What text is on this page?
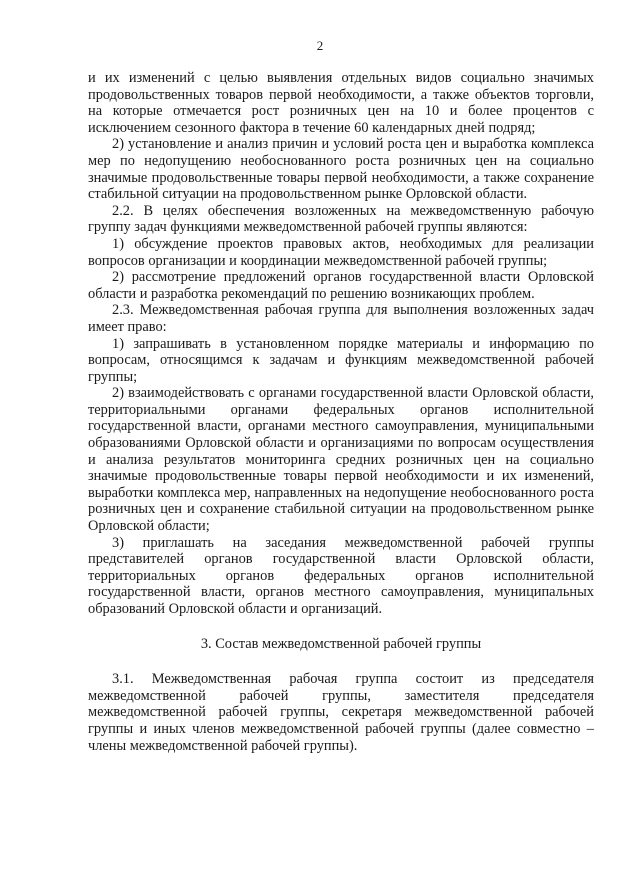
2

и их изменений с целью выявления отдельных видов социально значимых продовольственных товаров первой необходимости, а также объектов торговли, на которые отмечается рост розничных цен на 10 и более процентов с исключением сезонного фактора в течение 60 календарных дней подряд;

2) установление и анализ причин и условий роста цен и выработка комплекса мер по недопущению необоснованного роста розничных цен на социально значимые продовольственные товары первой необходимости, а также сохранение стабильной ситуации на продовольственном рынке Орловской области.

2.2. В целях обеспечения возложенных на межведомственную рабочую группу задач функциями межведомственной рабочей группы являются:

1) обсуждение проектов правовых актов, необходимых для реализации вопросов организации и координации межведомственной рабочей группы;

2) рассмотрение предложений органов государственной власти Орловской области и разработка рекомендаций по решению возникающих проблем.

2.3. Межведомственная рабочая группа для выполнения возложенных задач имеет право:

1) запрашивать в установленном порядке материалы и информацию по вопросам, относящимся к задачам и функциям межведомственной рабочей группы;

2) взаимодействовать с органами государственной власти Орловской области, территориальными органами федеральных органов исполнительной государственной власти, органами местного самоуправления, муниципальными образованиями Орловской области и организациями по вопросам осуществления и анализа результатов мониторинга средних розничных цен на социально значимые продовольственные товары первой необходимости и их изменений, выработки комплекса мер, направленных на недопущение необоснованного роста розничных цен и сохранение стабильной ситуации на продовольственном рынке Орловской области;

3) приглашать на заседания межведомственной рабочей группы представителей органов государственной власти Орловской области, территориальных органов федеральных органов исполнительной государственной власти, органов местного самоуправления, муниципальных образований Орловской области и организаций.

3. Состав межведомственной рабочей группы

3.1. Межведомственная рабочая группа состоит из председателя межведомственной рабочей группы, заместителя председателя межведомственной рабочей группы, секретаря межведомственной рабочей группы и иных членов межведомственной рабочей группы (далее совместно – члены межведомственной рабочей группы).
